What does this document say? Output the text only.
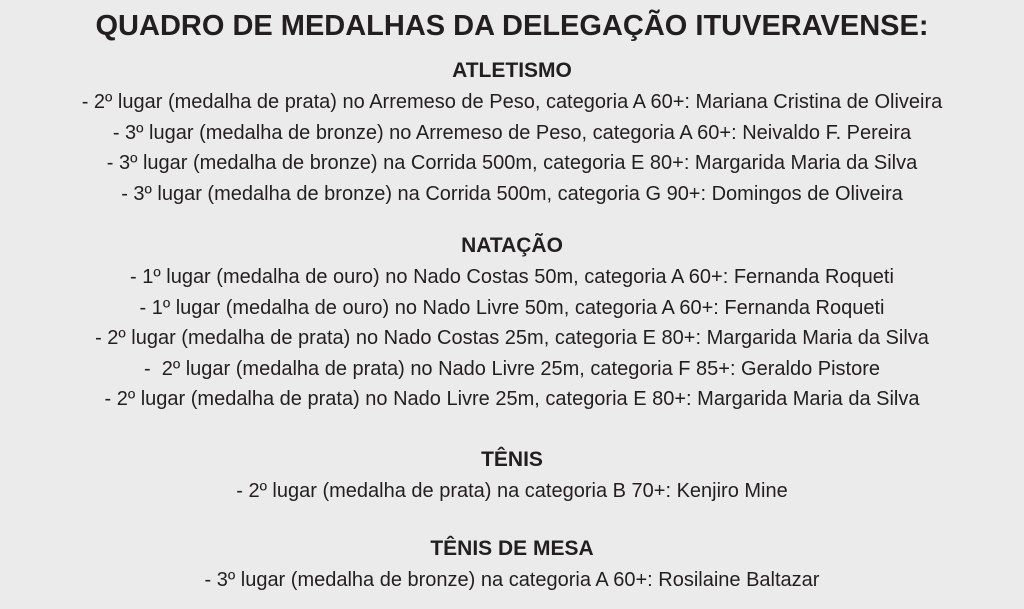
QUADRO DE MEDALHAS DA DELEGAÇÃO ITUVERAVENSE:
ATLETISMO
- 2º lugar (medalha de prata) no Arremeso de Peso, categoria A 60+: Mariana Cristina de Oliveira
- 3º lugar (medalha de bronze) no Arremeso de Peso, categoria A 60+: Neivaldo F. Pereira
- 3º lugar (medalha de bronze) na Corrida 500m, categoria E 80+: Margarida Maria da Silva
- 3º lugar (medalha de bronze) na Corrida 500m, categoria G 90+: Domingos de Oliveira
NATAÇÃO
- 1º lugar (medalha de ouro) no Nado Costas 50m, categoria A 60+: Fernanda Roqueti
- 1º lugar (medalha de ouro) no Nado Livre 50m, categoria A 60+: Fernanda Roqueti
- 2º lugar (medalha de prata) no Nado Costas 25m, categoria E 80+: Margarida Maria da Silva
-  2º lugar (medalha de prata) no Nado Livre 25m, categoria F 85+: Geraldo Pistore
- 2º lugar (medalha de prata) no Nado Livre 25m, categoria E 80+: Margarida Maria da Silva
TÊNIS
- 2º lugar (medalha de prata) na categoria B 70+: Kenjiro Mine
TÊNIS DE MESA
- 3º lugar (medalha de bronze) na categoria A 60+: Rosilaine Baltazar
